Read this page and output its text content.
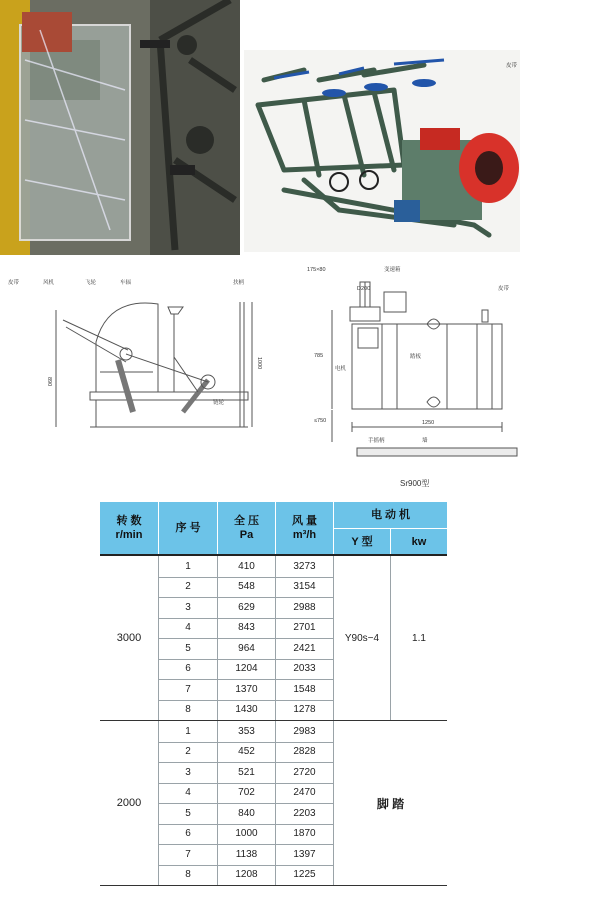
皮带
皮带	风机	飞轮	车辐	扶柄
链轮
890
1000
175×80
D200
变速箱
皮带
电机
踏板
785
≤750	1250
手摇柄	墙
Sr900型
转 数
r/min
序 号
全 压
Pa
风 量
m³/h
电 动 机
Y 型	kw
3000
1	410	3273
2	548	3154
3	629	2988
4	843	2701
5	964	2421
6	1204	2033
7	1370	1548
8	1430	1278
Y90s−4	1.1
2000
1	353	2983
2	452	2828
3	521	2720
4	702	2470
5	840	2203
6	1000	1870
7	1138	1397
8	1208	1225
脚 踏
